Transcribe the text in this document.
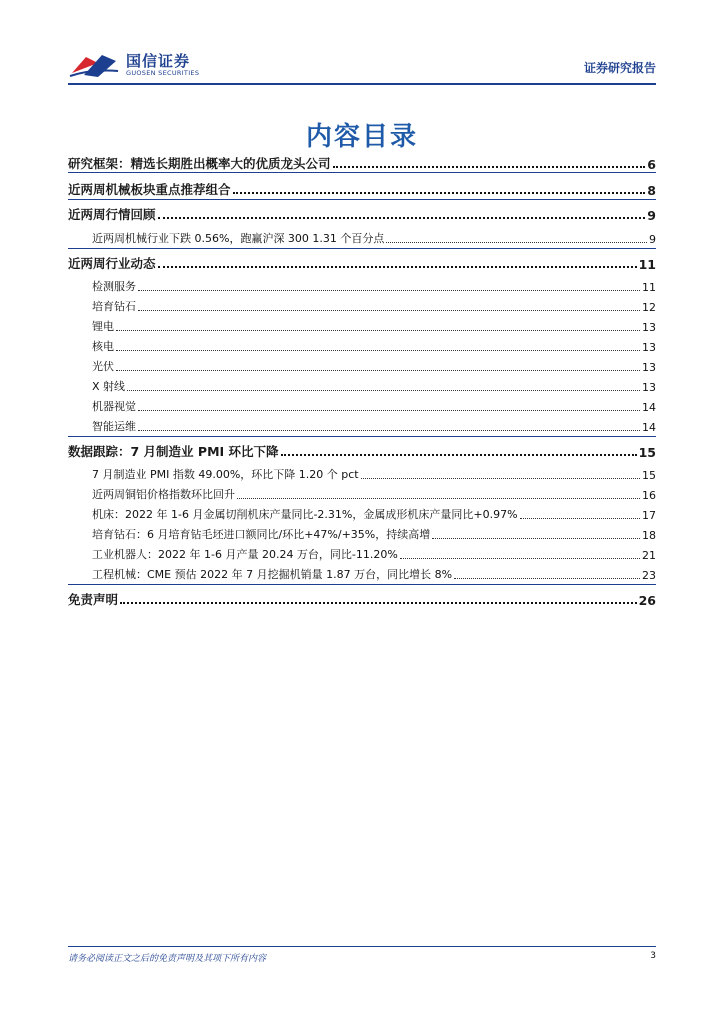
国信证券
GUOSEN SECURITIES	证券研究报告
内容目录
研究框架：精选长期胜出概率大的优质龙头公司	6
近两周机械板块重点推荐组合	8
近两周行情回顾	9
近两周机械行业下跌 0.56%，跑赢沪深 300 1.31 个百分点	9
近两周行业动态	11
检测服务	11
培育钻石	12
锂电	13
核电	13
光伏	13
X 射线	13
机器视觉	14
智能运维	14
数据跟踪：7 月制造业 PMI 环比下降	15
7 月制造业 PMI 指数 49.00%，环比下降 1.20 个 pct	15
近两周铜铝价格指数环比回升	16
机床：2022 年 1-6 月金属切削机床产量同比-2.31%，金属成形机床产量同比+0.97%	17
培育钻石：6 月培育钻毛坯进口额同比/环比+47%/+35%，持续高增	18
工业机器人：2022 年 1-6 月产量 20.24 万台，同比-11.20%	21
工程机械：CME 预估 2022 年 7 月挖掘机销量 1.87 万台，同比增长 8%	23
免责声明	26
请务必阅读正文之后的免责声明及其项下所有内容	3
